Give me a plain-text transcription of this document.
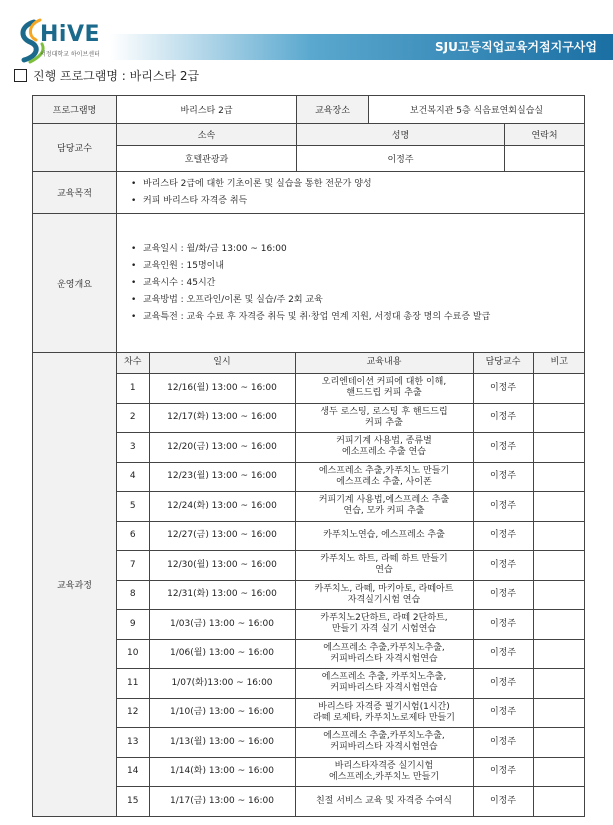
HiVE
서정대학교 하이브센터
SJU고등직업교육거점지구사업
진행 프로그램명 : 바리스타 2급
프로그램명	바리스타 2급	교육장소	보건복지관 5층 식음료연회실습실
담당교수	소속	성명	연락처
호텔관광과	이정주	
교육목적	
• 바리스타 2급에 대한 기초이론 및 실습을 통한 전문가 양성
• 커피 바리스타 자격증 취득

운영개요	
• 교육일시 : 월/화/금 13:00 ~ 16:00
• 교육인원 : 15명이내
• 교육시수 : 45시간
• 교육방법 : 오프라인/이론 및 실습/주 2회 교육
• 교육특전 : 교육 수료 후 자격증 취득 및 취·창업 연계 지원, 서정대 총장 명의 수료증 발급

교육과정	
차수	일시	교육내용	담당교수	비고
1	12/16(월) 13:00 ~ 16:00	
오리엔테이션 커피에 대한 이해,
핸드드립 커피 추출
	이정주	
2	12/17(화) 13:00 ~ 16:00	
생두 로스팅, 로스팅 후 핸드드립
커피 추출
	이정주	
3	12/20(금) 13:00 ~ 16:00	
커피기계 사용법, 종류별
에소프레소 추출 연습
	이정주	
4	12/23(월) 13:00 ~ 16:00	
에스프레소 추출,카푸치노 만들기
에스프레소 추출, 사이폰
	이정주	
5	12/24(화) 13:00 ~ 16:00	
커피기계 사용법,에스프레소 추출
연습, 모카 커피 추출
	이정주	
6	12/27(금) 13:00 ~ 16:00	카푸치노연습, 에스프레소 추출	이정주	
7	12/30(월) 13:00 ~ 16:00	
카푸치노 하트, 라떼 하트 만들기
연습
	이정주	
8	12/31(화) 13:00 ~ 16:00	
카푸치노, 라떼, 마키아토, 라떼아트
자격실기시험 연습
	이정주	
9	1/03(금) 13:00 ~ 16:00	
카푸치노2단하트, 라떼 2단하트,
만들기 자격 실기 시험연습
	이정주	
10	1/06(월) 13:00 ~ 16:00	
에스프레소 추출,카푸치노추출,
커피바리스타 자격시험연습
	이정주	
11	1/07(화)13:00 ~ 16:00	
에스프레소 추출, 카푸치노추출,
커피바리스타 자격시험연습
	이정주	
12	1/10(금) 13:00 ~ 16:00	
바리스타 자격증 필기시험(1시간)
라떼 로제타, 카푸치노로제타 만들기
	이정주	
13	1/13(월) 13:00 ~ 16:00	
에스프레소 추출,카푸치노추출,
커피바리스타 자격시험연습
	이정주	
14	1/14(화) 13:00 ~ 16:00	
바리스타자격증 실기시험
에스프레소,카푸치노 만들기
	이정주	
15	1/17(금) 13:00 ~ 16:00	친절 서비스 교육 및 자격증 수여식	이정주	
